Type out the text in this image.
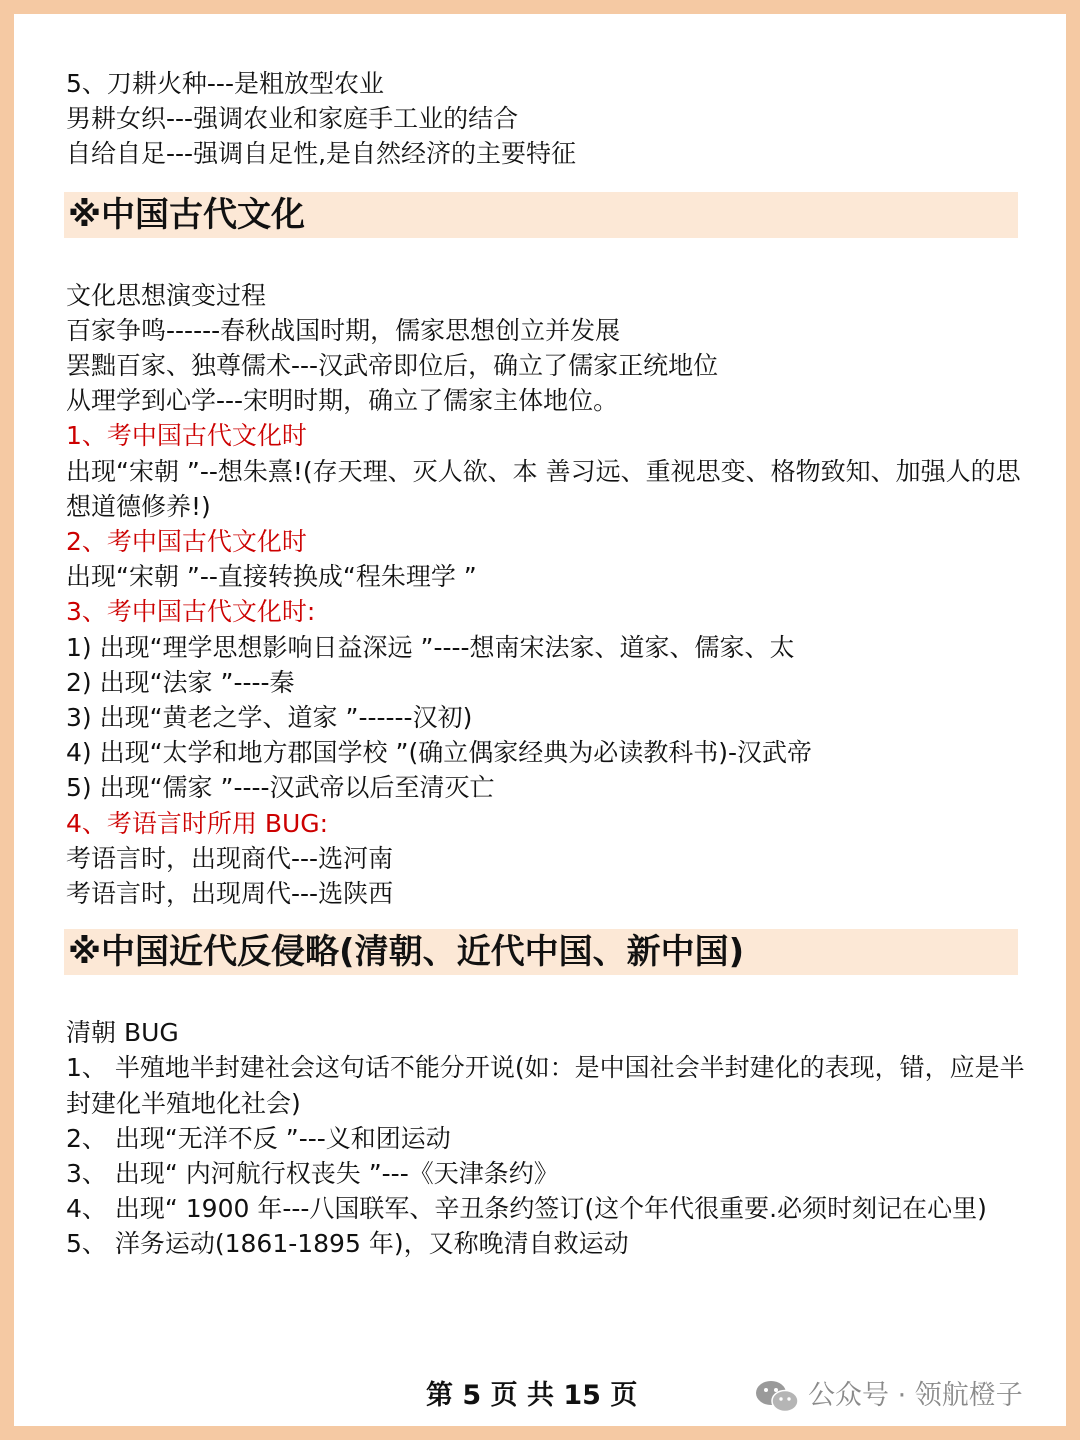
5、刀耕火种---是粗放型农业
男耕女织---强调农业和家庭手工业的结合
自给自足---强调自足性,是自然经济的主要特征
※中国古代文化
文化思想演变过程
百家争鸣------春秋战国时期，儒家思想创立并发展
罢黜百家、独尊儒术---汉武帝即位后，确立了儒家正统地位
从理学到心学---宋明时期，确立了儒家主体地位。
1、考中国古代文化时
出现“宋朝 ”--想朱熹!(存天理、灭人欲、本 善习远、重视思变、格物致知、加强人的思想道德修养!)
2、考中国古代文化时
出现“宋朝 ”--直接转换成“程朱理学 ”
3、考中国古代文化时:
1) 出现“理学思想影响日益深远 ”----想南宋法家、道家、儒家、太
2) 出现“法家 ”----秦
3) 出现“黄老之学、道家 ”------汉初)
4) 出现“太学和地方郡国学校 ”(确立偶家经典为必读教科书)-汉武帝
5) 出现“儒家 ”----汉武帝以后至清灭亡
4、考语言时所用 BUG:
考语言时，出现商代---选河南
考语言时，出现周代---选陕西
※中国近代反侵略(清朝、近代中国、新中国)
清朝 BUG
1、 半殖地半封建社会这句话不能分开说(如：是中国社会半封建化的表现，错，应是半封建化半殖地化社会)
2、 出现“无洋不反 ”---义和团运动
3、 出现“ 内河航行权丧失 ”---《天津条约》
4、 出现“ 1900 年---八国联军、辛丑条约签订(这个年代很重要.必须时刻记在心里)
5、 洋务运动(1861-1895 年)，又称晚清自救运动
第 5 页 共 15 页	公众号 · 领航橙子
